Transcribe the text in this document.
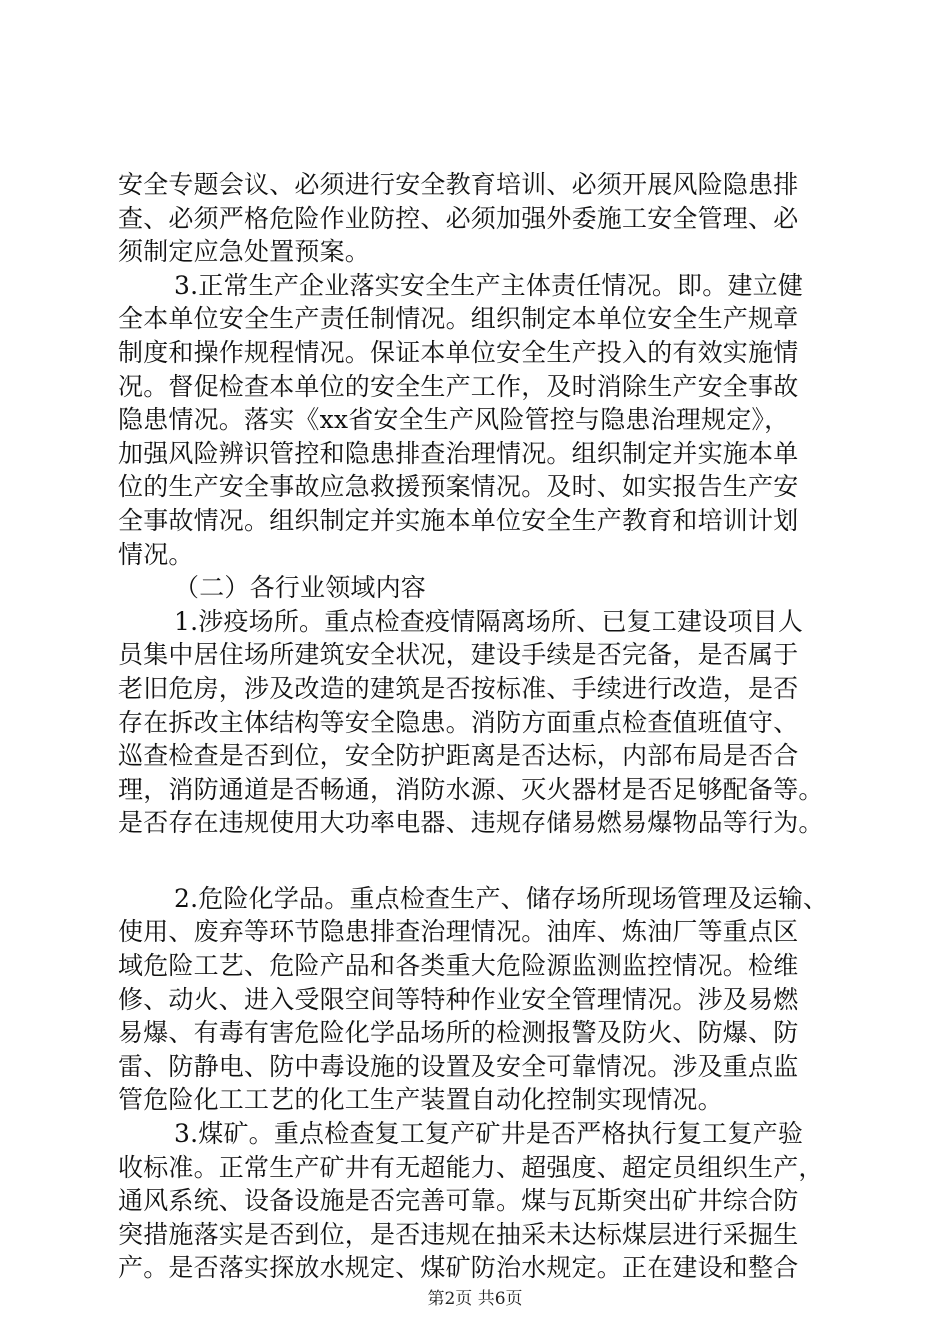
安全专题会议、必须进行安全教育培训、必须开展风险隐患排
查、必须严格危险作业防控、必须加强外委施工安全管理、必
须制定应急处置预案。
3.正常生产企业落实安全生产主体责任情况。即。建立健
全本单位安全生产责任制情况。组织制定本单位安全生产规章
制度和操作规程情况。保证本单位安全生产投入的有效实施情
况。督促检查本单位的安全生产工作，及时消除生产安全事故
隐患情况。落实《xx省安全生产风险管控与隐患治理规定》，
加强风险辨识管控和隐患排查治理情况。组织制定并实施本单
位的生产安全事故应急救援预案情况。及时、如实报告生产安
全事故情况。组织制定并实施本单位安全生产教育和培训计划
情况。
（二）各行业领域内容
1.涉疫场所。重点检查疫情隔离场所、已复工建设项目人
员集中居住场所建筑安全状况，建设手续是否完备，是否属于
老旧危房，涉及改造的建筑是否按标准、手续进行改造，是否
存在拆改主体结构等安全隐患。消防方面重点检查值班值守、
巡查检查是否到位，安全防护距离是否达标，内部布局是否合
理，消防通道是否畅通，消防水源、灭火器材是否足够配备等。
是否存在违规使用大功率电器、违规存储易燃易爆物品等行为。
2.危险化学品。重点检查生产、储存场所现场管理及运输、
使用、废弃等环节隐患排查治理情况。油库、炼油厂等重点区
域危险工艺、危险产品和各类重大危险源监测监控情况。检维
修、动火、进入受限空间等特种作业安全管理情况。涉及易燃
易爆、有毒有害危险化学品场所的检测报警及防火、防爆、防
雷、防静电、防中毒设施的设置及安全可靠情况。涉及重点监
管危险化工工艺的化工生产装置自动化控制实现情况。
3.煤矿。重点检查复工复产矿井是否严格执行复工复产验
收标准。正常生产矿井有无超能力、超强度、超定员组织生产，
通风系统、设备设施是否完善可靠。煤与瓦斯突出矿井综合防
突措施落实是否到位，是否违规在抽采未达标煤层进行采掘生
产。是否落实探放水规定、煤矿防治水规定。正在建设和整合
第2页 共6页
